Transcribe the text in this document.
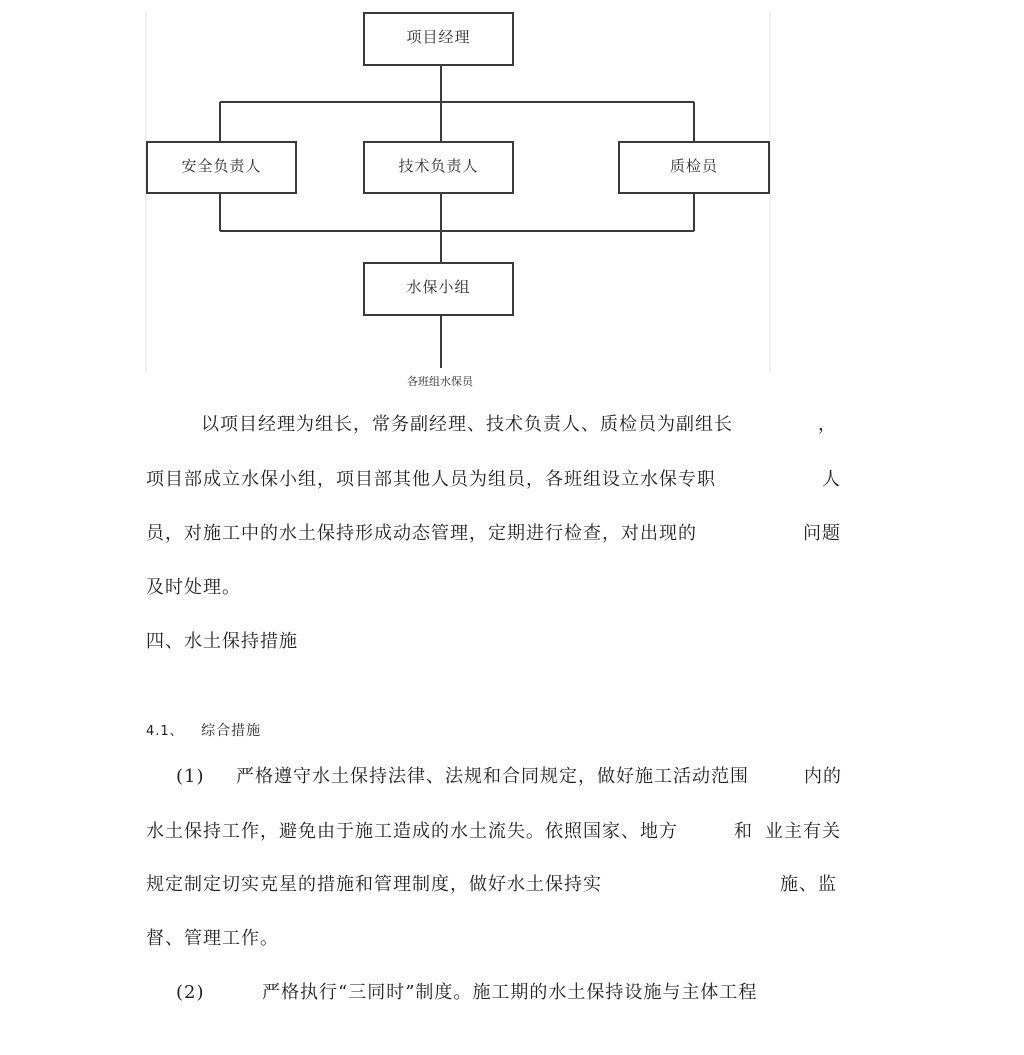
项目经理
安全负责人	技术负责人	质检员
水保小组
各班组水保员
以项目经理为组长，常务副经理、技术负责人、质检员为副组长	，
项目部成立水保小组，项目部其他人员为组员，各班组设立水保专职	人
员，对施工中的水土保持形成动态管理，定期进行检查，对出现的	问题
及时处理。
四、水土保持措施
4.1、 综合措施
(1) 严格遵守水土保持法律、法规和合同规定，做好施工活动范围	内的
水土保持工作，避免由于施工造成的水土流失。依照国家、地方	和 业主有关
规定制定切实克星的措施和管理制度，做好水土保持实	施、监
督、管理工作。
(2)	严格执行“三同时”制度。施工期的水土保持设施与主体工程
